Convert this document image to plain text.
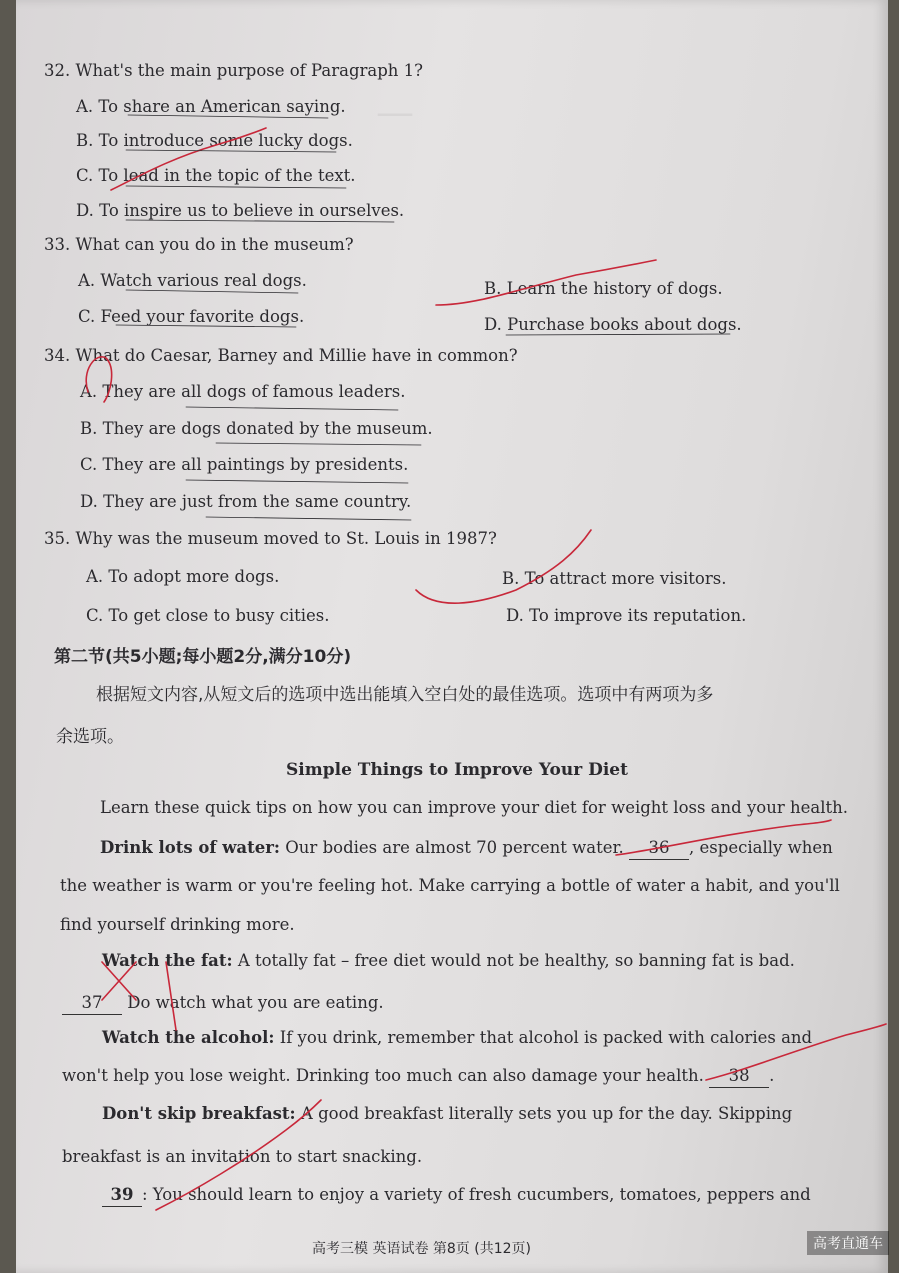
—
32. What's the main purpose of Paragraph 1?
A. To share an American saying.
B. To introduce some lucky dogs.
C. To lead in the topic of the text.
D. To inspire us to believe in ourselves.
33. What can you do in the museum?
A. Watch various real dogs.	B. Learn the history of dogs.
C. Feed your favorite dogs.	D. Purchase books about dogs.
34. What do Caesar, Barney and Millie have in common?
A. They are all dogs of famous leaders.
B. They are dogs donated by the museum.
C. They are all paintings by presidents.
D. They are just from the same country.
35. Why was the museum moved to St. Louis in 1987?
A. To adopt more dogs.	B. To attract more visitors.
C. To get close to busy cities.	D. To improve its reputation.
第二节(共5小题;每小题2分,满分10分)
根据短文内容,从短文后的选项中选出能填入空白处的最佳选项。选项中有两项为多
余选项。
Simple Things to Improve Your Diet
Learn these quick tips on how you can improve your diet for weight loss and your health.
Drink lots of water: Our bodies are almost 70 percent water. 36 , especially when
the weather is warm or you're feeling hot. Make carrying a bottle of water a habit, and you'll
find yourself drinking more.
Watch the fat: A totally fat – free diet would not be healthy, so banning fat is bad.
37 Do watch what you are eating.
Watch the alcohol: If you drink, remember that alcohol is packed with calories and
won't help you lose weight. Drinking too much can also damage your health. 38 .
Don't skip breakfast: A good breakfast literally sets you up for the day. Skipping
breakfast is an invitation to start snacking.
39 : You should learn to enjoy a variety of fresh cucumbers, tomatoes, peppers and
高考三模 英语试卷 第8页 (共12页)	高考直通车
